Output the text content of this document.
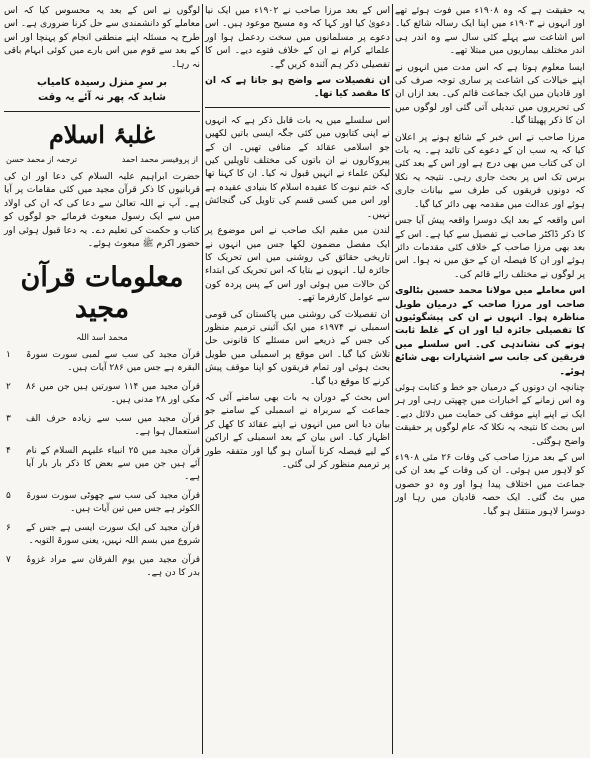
یہ حقیقت ہے کہ وہ ۱۹۰۸ء میں فوت ہوئے تھے اور انہوں نے ۱۹۰۳ء میں اپنا ایک رسالہ شائع کیا۔ اس اشاعت سے پہلے کئی سال سے وہ اندر ہی اندر مختلف بیماریوں میں مبتلا تھے۔

ایسا معلوم ہوتا ہے کہ اس مدت میں انہوں نے اپنے خیالات کی اشاعت پر ساری توجہ صرف کی اور قادیان میں ایک جماعت قائم کی۔ بعد ازاں ان کی تحریروں میں تبدیلی آتی گئی اور لوگوں میں ان کا ذکر پھیلتا گیا۔

مرزا صاحب نے اس خبر کے شائع ہونے پر اعلان کیا کہ یہ سب ان کے دعوے کی تائید ہے۔ یہ بات ان کی کتاب میں بھی درج ہے اور اس کے بعد کئی برس تک اس پر بحث جاری رہی۔ نتیجہ یہ نکلا کہ دونوں فریقوں کی طرف سے بیانات جاری ہوئے اور عدالت میں مقدمہ بھی دائر کیا گیا۔

اس واقعہ کے بعد ایک دوسرا واقعہ پیش آیا جس کا ذکر ڈاکٹر صاحب نے تفصیل سے کیا ہے۔ اس کے بعد بھی مرزا صاحب کے خلاف کئی مقدمات دائر ہوئے اور ان کا فیصلہ ان کے حق میں نہ ہوا۔ اس پر لوگوں نے مختلف رائے قائم کی۔

اس معاملے میں مولانا محمد حسین بٹالوی صاحب اور مرزا صاحب کے درمیان طویل مناظرہ ہوا۔ انہوں نے ان کی پیشگوئیوں کا تفصیلی جائزہ لیا اور ان کے غلط ثابت ہونے کی نشاندہی کی۔ اس سلسلے میں فریقین کی جانب سے اشتہارات بھی شائع ہوئے۔

چنانچہ ان دونوں کے درمیان جو خط و کتابت ہوئی وہ اس زمانے کے اخبارات میں چھپتی رہی اور ہر ایک نے اپنے اپنے موقف کی حمایت میں دلائل دیے۔ اس بحث کا نتیجہ یہ نکلا کہ عام لوگوں پر حقیقت واضح ہوگئی۔

اس کے بعد مرزا صاحب کی وفات ۲۶ مئی ۱۹۰۸ء کو لاہور میں ہوئی۔ ان کی وفات کے بعد ان کی جماعت میں اختلاف پیدا ہوا اور وہ دو حصوں میں بٹ گئی۔ ایک حصہ قادیان میں رہا اور دوسرا لاہور منتقل ہو گیا۔

اس کے بعد مرزا صاحب نے ۱۹۰۲ء میں ایک نیا دعویٰ کیا اور کہا کہ وہ مسیح موعود ہیں۔ اس دعوے پر مسلمانوں میں سخت ردعمل ہوا اور علمائے کرام نے ان کے خلاف فتوے دیے۔ اس کا تفصیلی ذکر ہم آئندہ کریں گے۔

ان تفصیلات سے واضح ہو جاتا ہے کہ ان کا مقصد کیا تھا۔

اس سلسلے میں یہ بات قابل ذکر ہے کہ انہوں نے اپنی کتابوں میں کئی جگہ ایسی باتیں لکھیں جو اسلامی عقائد کے منافی تھیں۔ ان کے پیروکاروں نے ان باتوں کی مختلف تاویلیں کیں لیکن علماء نے انہیں قبول نہ کیا۔ ان کا کہنا تھا کہ ختم نبوت کا عقیدہ اسلام کا بنیادی عقیدہ ہے اور اس میں کسی قسم کی تاویل کی گنجائش نہیں۔

لندن میں مقیم ایک صاحب نے اس موضوع پر ایک مفصل مضمون لکھا جس میں انہوں نے تاریخی حقائق کی روشنی میں اس تحریک کا جائزہ لیا۔ انہوں نے بتایا کہ اس تحریک کی ابتداء کن حالات میں ہوئی اور اس کے پس پردہ کون سے عوامل کارفرما تھے۔

ان تفصیلات کی روشنی میں پاکستان کی قومی اسمبلی نے ۱۹۷۴ء میں ایک آئینی ترمیم منظور کی جس کے ذریعے اس مسئلے کا قانونی حل تلاش کیا گیا۔ اس موقع پر اسمبلی میں طویل بحث ہوئی اور تمام فریقوں کو اپنا موقف پیش کرنے کا موقع دیا گیا۔

اس بحث کے دوران یہ بات بھی سامنے آئی کہ جماعت کے سربراہ نے اسمبلی کے سامنے جو بیان دیا اس میں انہوں نے اپنے عقائد کا کھل کر اظہار کیا۔ اس بیان کے بعد اسمبلی کے اراکین کے لیے فیصلہ کرنا آسان ہو گیا اور متفقہ طور پر ترمیم منظور کر لی گئی۔

لوگوں نے اس کے بعد یہ محسوس کیا کہ اس معاملے کو دانشمندی سے حل کرنا ضروری ہے۔ اس طرح یہ مسئلہ اپنے منطقی انجام کو پہنچا اور اس کے بعد سے قوم میں اس بارے میں کوئی ابہام باقی نہ رہا۔

بر سرِ منزل رسیدہ کامیاب
شاید کہ پھر نہ آئے یہ وقت
غلبۂ اسلام
از پروفیسر محمد احمد
ترجمہ از محمد حسن

حضرت ابراہیم علیہ السلام کی دعا اور ان کی قربانیوں کا ذکر قرآن مجید میں کئی مقامات پر آیا ہے۔ آپ نے اللہ تعالیٰ سے دعا کی کہ ان کی اولاد میں سے ایک رسول مبعوث فرمائے جو لوگوں کو کتاب و حکمت کی تعلیم دے۔ یہ دعا قبول ہوئی اور حضور اکرم ﷺ مبعوث ہوئے۔

معلومات قرآن مجید
محمد اسد اللہ
۱ قرآن مجید کی سب سے لمبی سورت سورۃ البقرہ ہے جس میں ۲۸۶ آیات ہیں۔
۲ قرآن مجید میں ۱۱۴ سورتیں ہیں جن میں ۸۶ مکی اور ۲۸ مدنی ہیں۔
۳ قرآن مجید میں سب سے زیادہ حرف الف استعمال ہوا ہے۔
۴ قرآن مجید میں ۲۵ انبیاء علیہم السلام کے نام آئے ہیں جن میں سے بعض کا ذکر بار بار آیا ہے۔
۵ قرآن مجید کی سب سے چھوٹی سورت سورۃ الکوثر ہے جس میں تین آیات ہیں۔
۶ قرآن مجید کی ایک سورت ایسی ہے جس کے شروع میں بسم اللہ نہیں، یعنی سورۃ التوبہ۔
۷ قرآن مجید میں یوم الفرقان سے مراد غزوۂ بدر کا دن ہے۔
